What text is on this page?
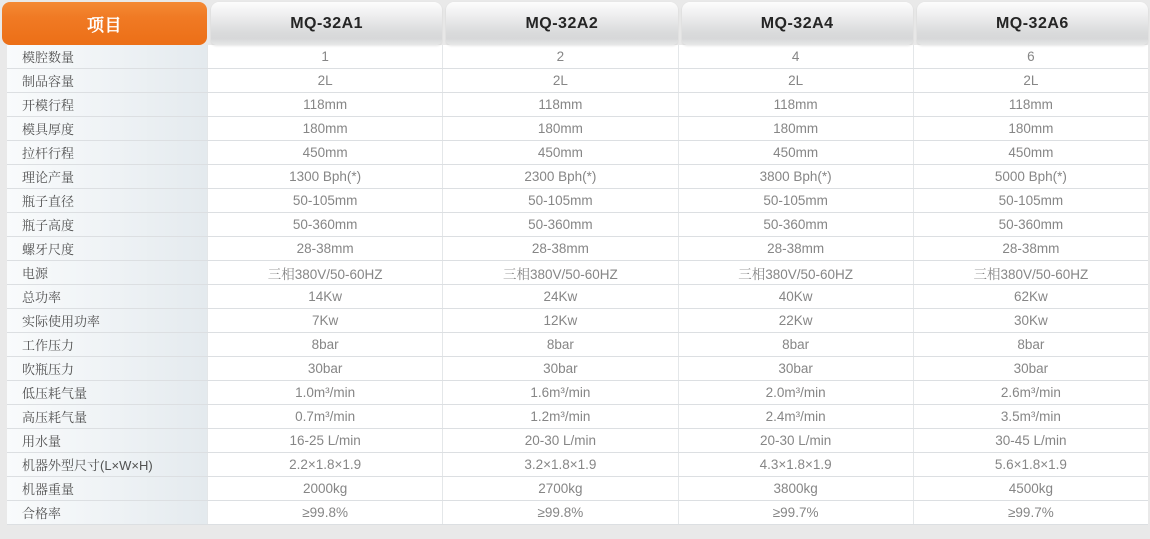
项目	MQ-32A1	MQ-32A2	MQ-32A4	MQ-32A6
模腔数量	1	2	4	6
制品容量	2L	2L	2L	2L
开模行程	118mm	118mm	118mm	118mm
模具厚度	180mm	180mm	180mm	180mm
拉杆行程	450mm	450mm	450mm	450mm
理论产量	1300 Bph(*)	2300 Bph(*)	3800 Bph(*)	5000 Bph(*)
瓶子直径	50-105mm	50-105mm	50-105mm	50-105mm
瓶子高度	50-360mm	50-360mm	50-360mm	50-360mm
螺牙尺度	28-38mm	28-38mm	28-38mm	28-38mm
电源	三相380V/50-60HZ	三相380V/50-60HZ	三相380V/50-60HZ	三相380V/50-60HZ
总功率	14Kw	24Kw	40Kw	62Kw
实际使用功率	7Kw	12Kw	22Kw	30Kw
工作压力	8bar	8bar	8bar	8bar
吹瓶压力	30bar	30bar	30bar	30bar
低压耗气量	1.0m³/min	1.6m³/min	2.0m³/min	2.6m³/min
高压耗气量	0.7m³/min	1.2m³/min	2.4m³/min	3.5m³/min
用水量	16-25 L/min	20-30 L/min	20-30 L/min	30-45 L/min
机器外型尺寸(L×W×H)	2.2×1.8×1.9	3.2×1.8×1.9	4.3×1.8×1.9	5.6×1.8×1.9
机器重量	2000kg	2700kg	3800kg	4500kg
合格率	≥99.8%	≥99.8%	≥99.7%	≥99.7%
